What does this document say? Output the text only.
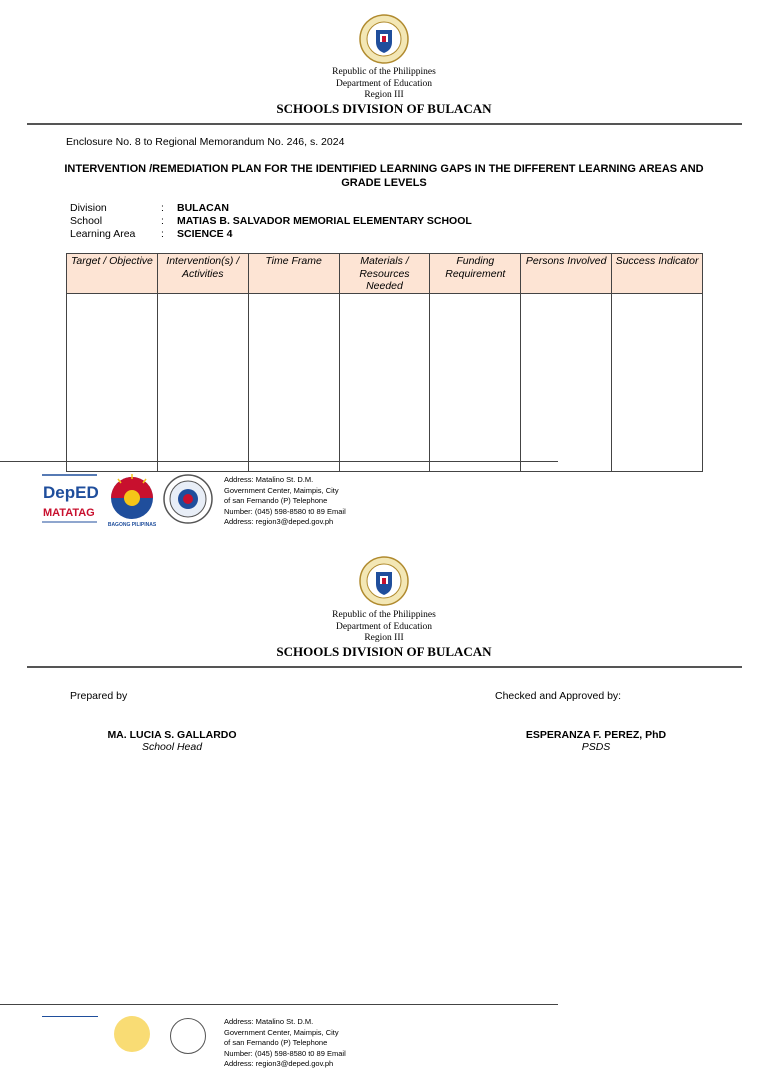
Republic of the Philippines
Department of Education
Region III
SCHOOLS DIVISION OF BULACAN
Enclosure No. 8 to Regional Memorandum No. 246, s. 2024
INTERVENTION /REMEDIATION PLAN FOR THE IDENTIFIED LEARNING GAPS IN THE DIFFERENT LEARNING AREAS AND GRADE LEVELS
Division	: BULACAN
School	: MATIAS B. SALVADOR MEMORIAL ELEMENTARY SCHOOL
Learning Area	: SCIENCE 4
Target / Objective	Intervention(s) / Activities	Time Frame	Materials / Resources Needed	Funding Requirement	Persons Involved	Success Indicator

DepED
MATATAG
BAGONG PILIPINAS
Address: Matalino St. D.M. Government Center, Maimpis, City of san Fernando (P) Telephone Number: (045) 598-8580 t0 89 Email Address: region3@deped.gov.ph
Republic of the Philippines
Department of Education
Region III
SCHOOLS DIVISION OF BULACAN
Prepared by	Checked and Approved by:
MA. LUCIA S. GALLARDO
School Head
ESPERANZA F. PEREZ, PhD
PSDS
Address: Matalino St. D.M. Government Center, Maimpis, City of san Fernando (P) Telephone Number: (045) 598-8580 t0 89 Email Address: region3@deped.gov.ph
